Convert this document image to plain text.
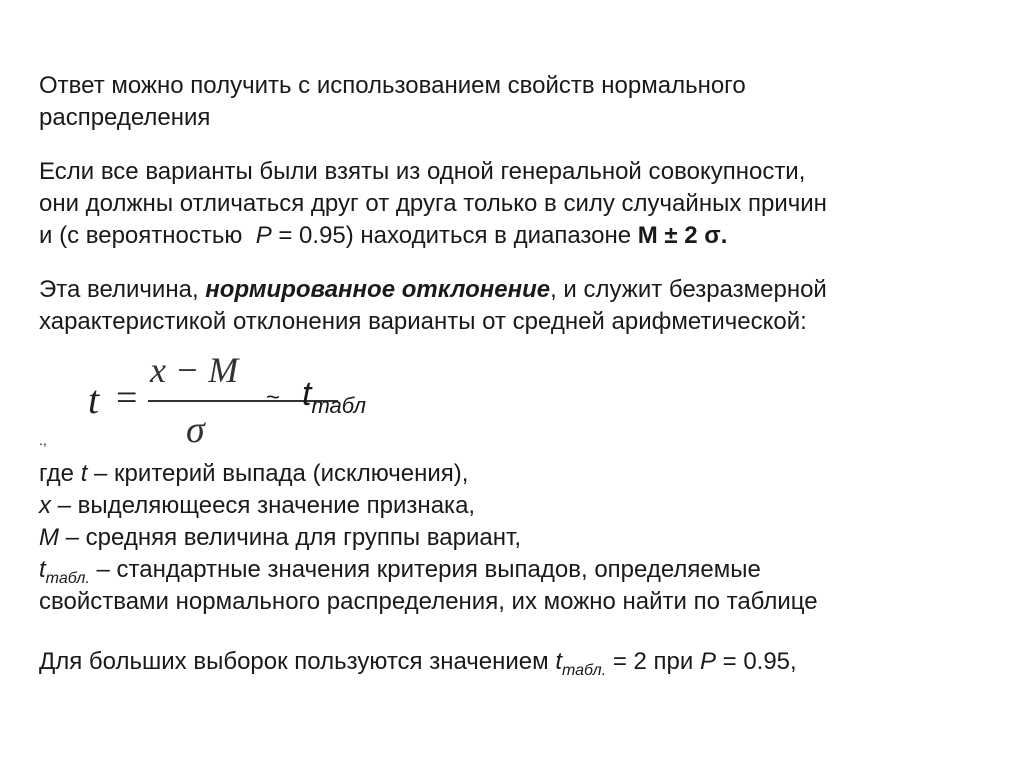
Ответ можно получить с использованием свойств нормального
распределения

Если все варианты были взяты из одной генеральной совокупности,
они должны отличаться друг от друга только в силу случайных причин
и (с вероятностью  P = 0.95) находиться в диапазоне М ± 2 σ.

Эта величина, нормированное отклонение, и служит безразмерной
характеристикой отклонения варианты от средней арифметической:

t =
x − M
σ
~ $t_{табл}$
.,

где t – критерий выпада (исключения),
x – выделяющееся значение признака,
М – средняя величина для группы вариант,
$t_{табл.}$ – стандартные значения критерия выпадов, определяемые
свойствами нормального распределения, их можно найти по таблице

Для больших выборок пользуются значением $t_{табл.} = 2$ при P = 0.95,
